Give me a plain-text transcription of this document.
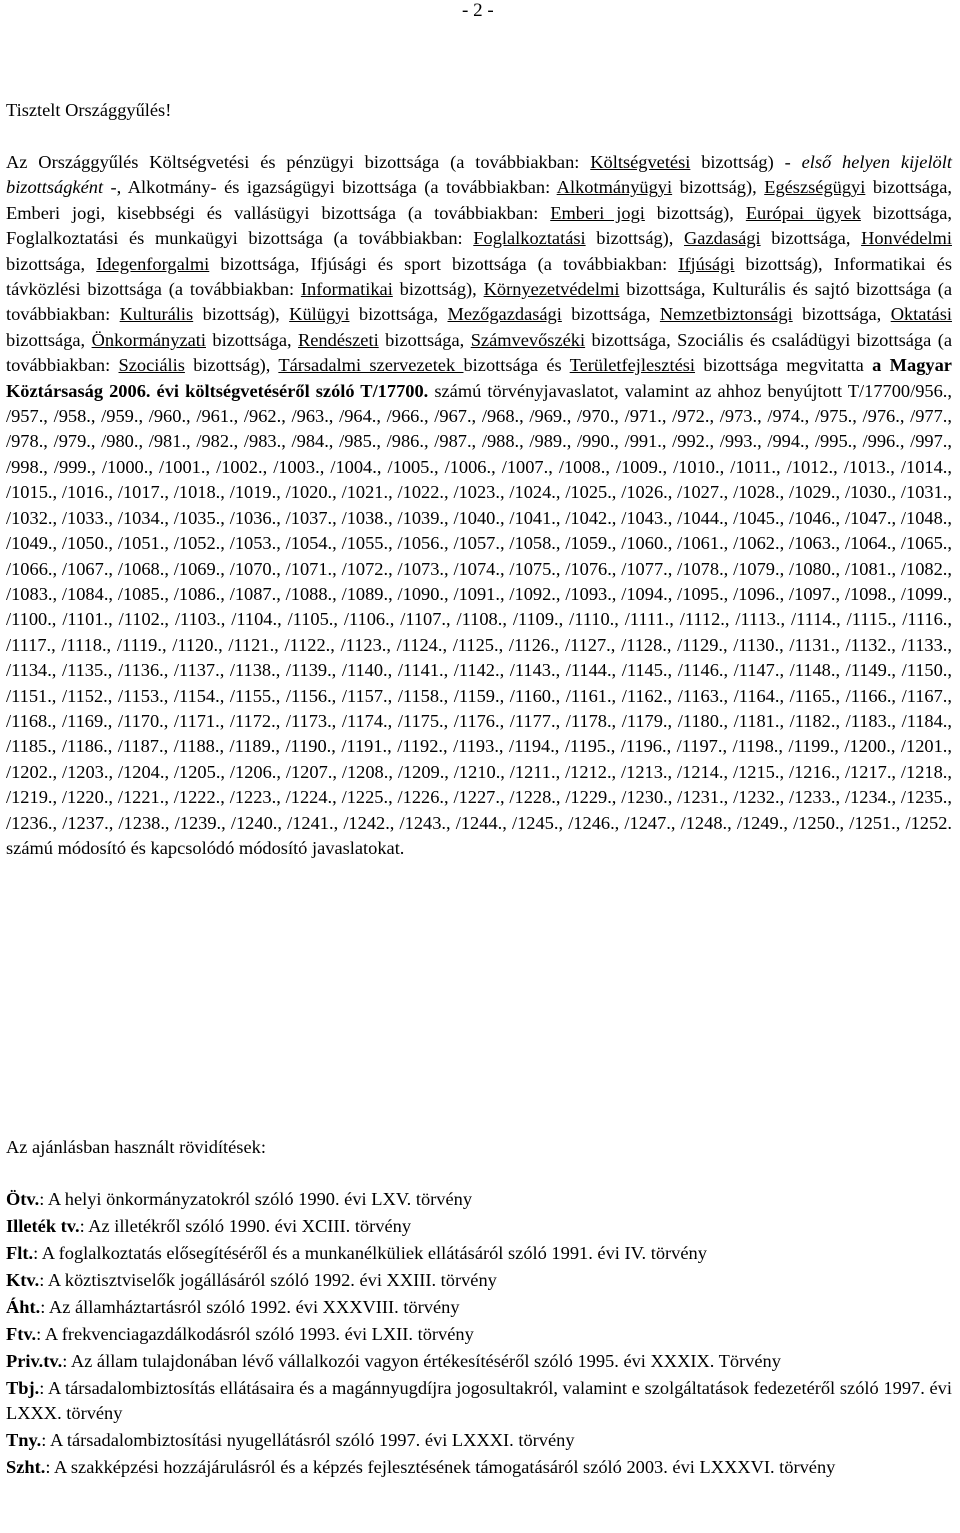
- 2 -
Tisztelt Országgyűlés!
Az Országgyűlés Költségvetési és pénzügyi bizottsága (a továbbiakban: Költségvetési bizottság) - első helyen kijelölt bizottságként -, Alkotmány- és igazságügyi bizottsága (a továbbiakban: Alkotmányügyi bizottság), Egészségügyi bizottsága, Emberi jogi, kisebbségi és vallásügyi bizottsága (a továbbiakban: Emberi jogi bizottság), Európai ügyek bizottsága, Foglalkoztatási és munkaügyi bizottsága (a továbbiakban: Foglalkoztatási bizottság), Gazdasági bizottsága, Honvédelmi bizottsága, Idegenforgalmi bizottsága, Ifjúsági és sport bizottsága (a továbbiakban: Ifjúsági bizottság), Informatikai és távközlési bizottsága (a továbbiakban: Informatikai bizottság), Környezetvédelmi bizottsága, Kulturális és sajtó bizottsága (a továbbiakban: Kulturális bizottság), Külügyi bizottsága, Mezőgazdasági bizottsága, Nemzetbiztonsági bizottsága, Oktatási bizottsága, Önkormányzati bizottsága, Rendészeti bizottsága, Számvevőszéki bizottsága, Szociális és családügyi bizottsága (a továbbiakban: Szociális bizottság), Társadalmi szervezetek bizottsága és Területfejlesztési bizottsága megvitatta a Magyar Köztársaság 2006. évi költségvetéséről szóló T/17700. számú törvényjavaslatot, valamint az ahhoz benyújtott T/17700/956., /957., /958., /959., /960., /961., /962., /963., /964., /966., /967., /968., /969., /970., /971., /972., /973., /974., /975., /976., /977., /978., /979., /980., /981., /982., /983., /984., /985., /986., /987., /988., /989., /990., /991., /992., /993., /994., /995., /996., /997., /998., /999., /1000., /1001., /1002., /1003., /1004., /1005., /1006., /1007., /1008., /1009., /1010., /1011., /1012., /1013., /1014., /1015., /1016., /1017., /1018., /1019., /1020., /1021., /1022., /1023., /1024., /1025., /1026., /1027., /1028., /1029., /1030., /1031., /1032., /1033., /1034., /1035., /1036., /1037., /1038., /1039., /1040., /1041., /1042., /1043., /1044., /1045., /1046., /1047., /1048., /1049., /1050., /1051., /1052., /1053., /1054., /1055., /1056., /1057., /1058., /1059., /1060., /1061., /1062., /1063., /1064., /1065., /1066., /1067., /1068., /1069., /1070., /1071., /1072., /1073., /1074., /1075., /1076., /1077., /1078., /1079., /1080., /1081., /1082., /1083., /1084., /1085., /1086., /1087., /1088., /1089., /1090., /1091., /1092., /1093., /1094., /1095., /1096., /1097., /1098., /1099., /1100., /1101., /1102., /1103., /1104., /1105., /1106., /1107., /1108., /1109., /1110., /1111., /1112., /1113., /1114., /1115., /1116., /1117., /1118., /1119., /1120., /1121., /1122., /1123., /1124., /1125., /1126., /1127., /1128., /1129., /1130., /1131., /1132., /1133., /1134., /1135., /1136., /1137., /1138., /1139., /1140., /1141., /1142., /1143., /1144., /1145., /1146., /1147., /1148., /1149., /1150., /1151., /1152., /1153., /1154., /1155., /1156., /1157., /1158., /1159., /1160., /1161., /1162., /1163., /1164., /1165., /1166., /1167., /1168., /1169., /1170., /1171., /1172., /1173., /1174., /1175., /1176., /1177., /1178., /1179., /1180., /1181., /1182., /1183., /1184., /1185., /1186., /1187., /1188., /1189., /1190., /1191., /1192., /1193., /1194., /1195., /1196., /1197., /1198., /1199., /1200., /1201., /1202., /1203., /1204., /1205., /1206., /1207., /1208., /1209., /1210., /1211., /1212., /1213., /1214., /1215., /1216., /1217., /1218., /1219., /1220., /1221., /1222., /1223., /1224., /1225., /1226., /1227., /1228., /1229., /1230., /1231., /1232., /1233., /1234., /1235., /1236., /1237., /1238., /1239., /1240., /1241., /1242., /1243., /1244., /1245., /1246., /1247., /1248., /1249., /1250., /1251., /1252. számú módosító és kapcsolódó módosító javaslatokat.
Az ajánlásban használt rövidítések:
Ötv.: A helyi önkormányzatokról szóló 1990. évi LXV. törvény
Illeték tv.: Az illetékről szóló 1990. évi XCIII. törvény
Flt.: A foglalkoztatás elősegítéséről és a munkanélküliek ellátásáról szóló 1991. évi IV. törvény
Ktv.: A köztisztviselők jogállásáról szóló 1992. évi XXIII. törvény
Áht.: Az államháztartásról szóló 1992. évi XXXVIII. törvény
Ftv.: A frekvenciagazdálkodásról szóló 1993. évi LXII. törvény
Priv.tv.: Az állam tulajdonában lévő vállalkozói vagyon értékesítéséről szóló 1995. évi XXXIX. Törvény
Tbj.: A társadalombiztosítás ellátásaira és a magánnyugdíjra jogosultakról, valamint e szolgáltatások fedezetéről szóló 1997. évi LXXX. törvény
Tny.: A társadalombiztosítási nyugellátásról szóló 1997. évi LXXXI. törvény
Szht.: A szakképzési hozzájárulásról és a képzés fejlesztésének támogatásáról szóló 2003. évi LXXXVI. törvény
